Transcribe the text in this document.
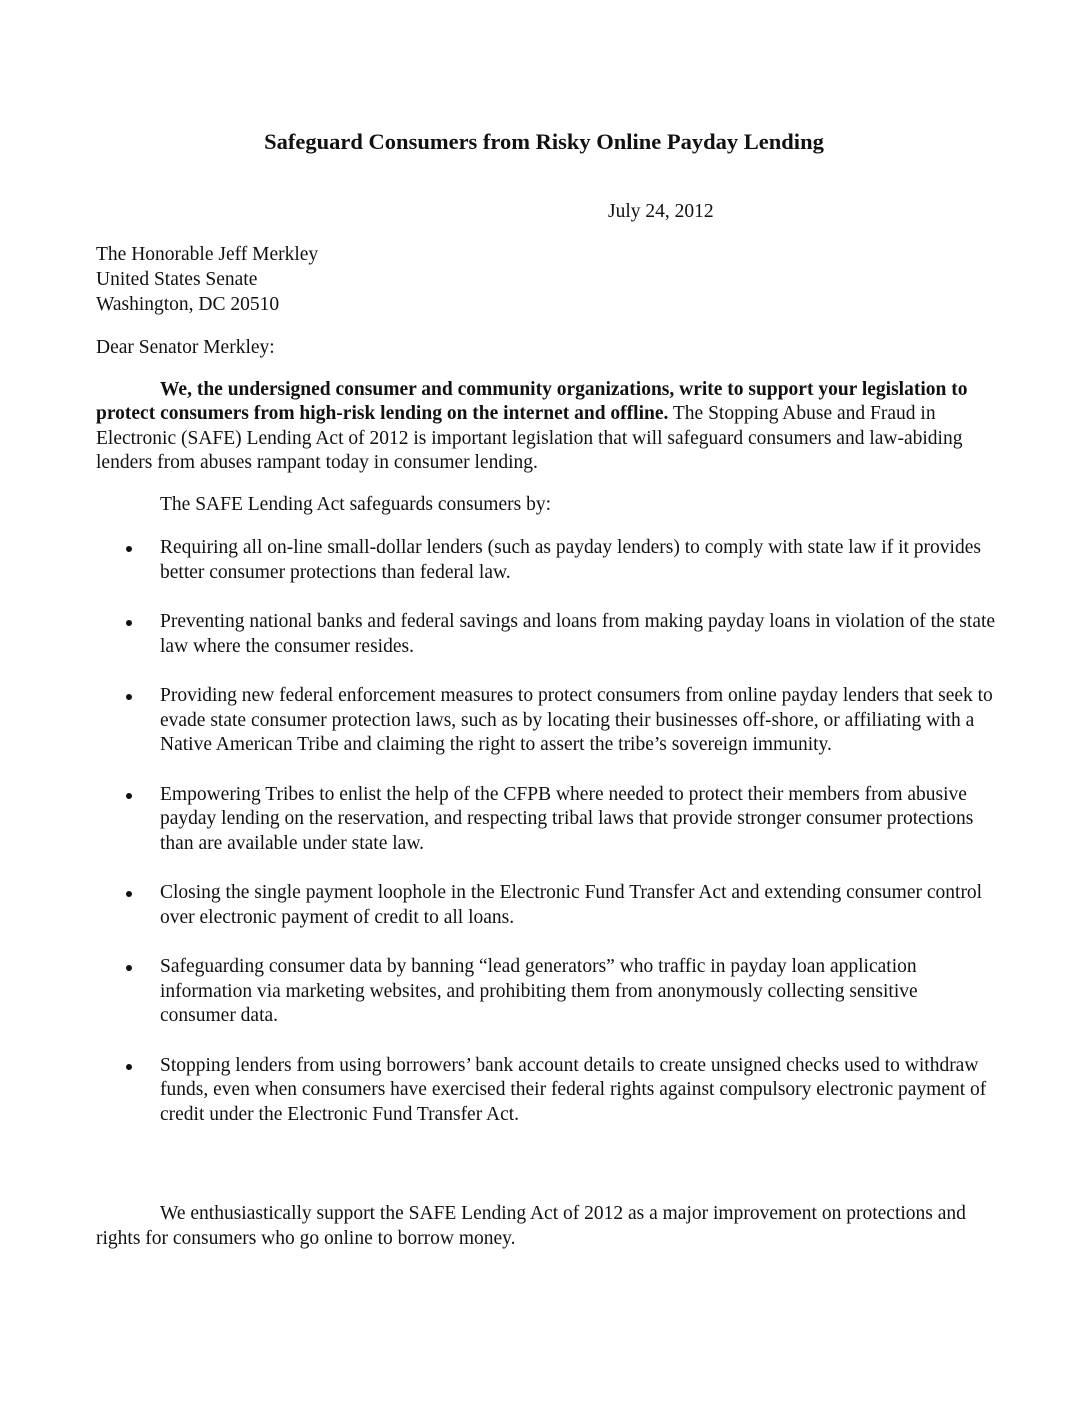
Safeguard Consumers from Risky Online Payday Lending
July 24, 2012
The Honorable Jeff Merkley
United States Senate
Washington, DC 20510
Dear Senator Merkley:
We, the undersigned consumer and community organizations, write to support your legislation to protect consumers from high-risk lending on the internet and offline. The Stopping Abuse and Fraud in Electronic (SAFE) Lending Act of 2012 is important legislation that will safeguard consumers and law-abiding lenders from abuses rampant today in consumer lending.
The SAFE Lending Act safeguards consumers by:
Requiring all on-line small-dollar lenders (such as payday lenders) to comply with state law if it provides better consumer protections than federal law.
Preventing national banks and federal savings and loans from making payday loans in violation of the state law where the consumer resides.
Providing new federal enforcement measures to protect consumers from online payday lenders that seek to evade state consumer protection laws, such as by locating their businesses off-shore, or affiliating with a Native American Tribe and claiming the right to assert the tribe’s sovereign immunity.
Empowering Tribes to enlist the help of the CFPB where needed to protect their members from abusive payday lending on the reservation, and respecting tribal laws that provide stronger consumer protections than are available under state law.
Closing the single payment loophole in the Electronic Fund Transfer Act and extending consumer control over electronic payment of credit to all loans.
Safeguarding consumer data by banning “lead generators” who traffic in payday loan application information via marketing websites, and prohibiting them from anonymously collecting sensitive consumer data.
Stopping lenders from using borrowers’ bank account details to create unsigned checks used to withdraw funds, even when consumers have exercised their federal rights against compulsory electronic payment of credit under the Electronic Fund Transfer Act.
We enthusiastically support the SAFE Lending Act of 2012 as a major improvement on protections and rights for consumers who go online to borrow money.
